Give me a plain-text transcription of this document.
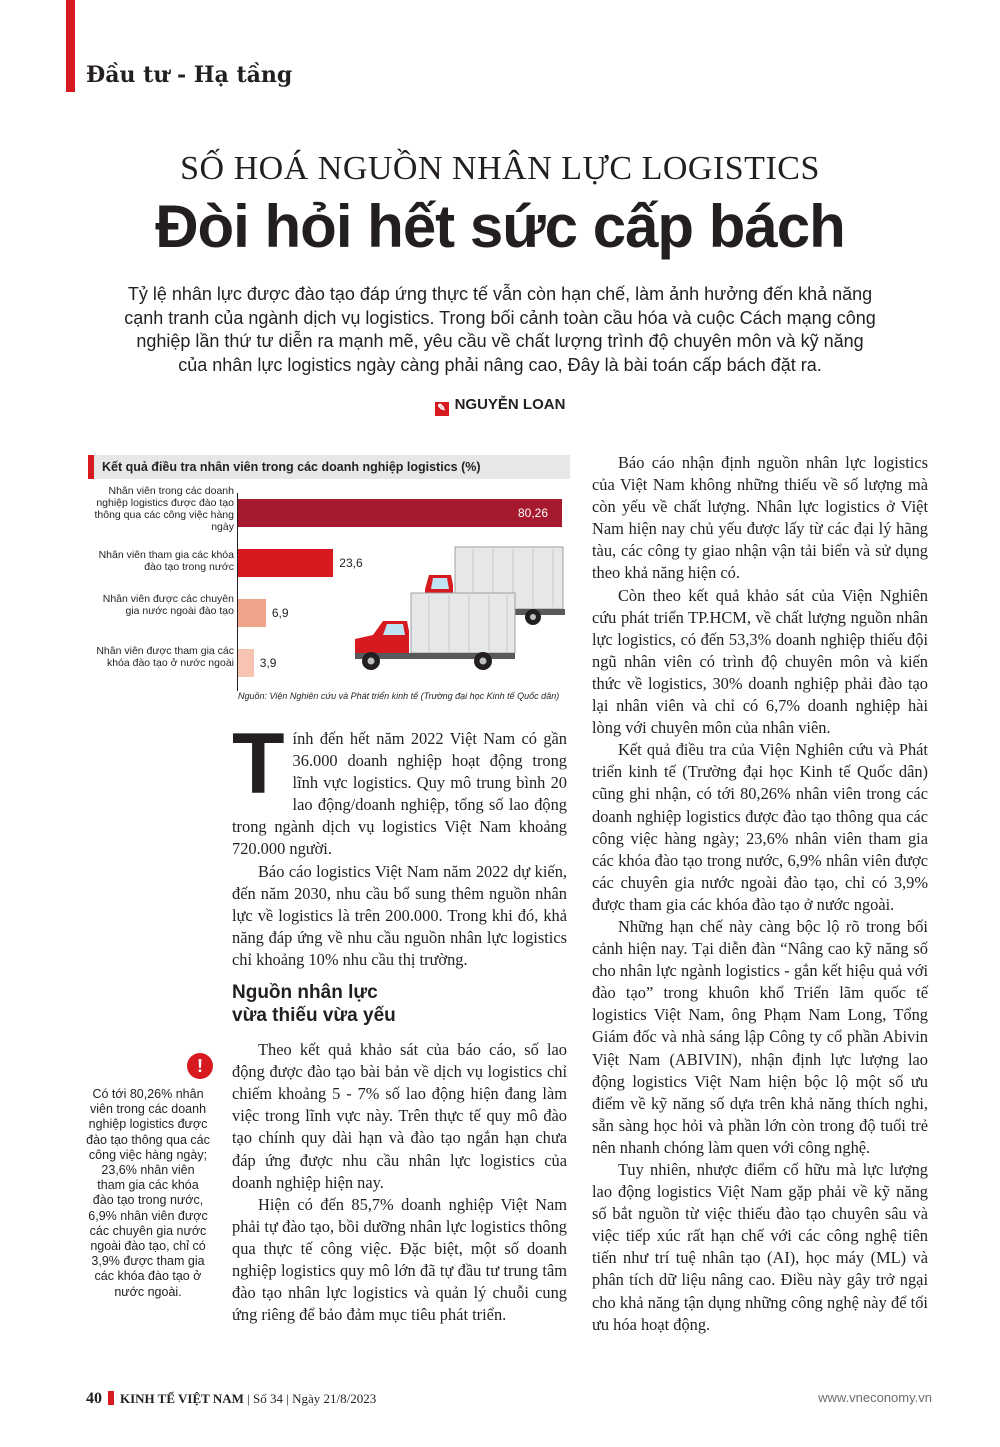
Đầu tư - Hạ tầng
SỐ HOÁ NGUỒN NHÂN LỰC LOGISTICS
Đòi hỏi hết sức cấp bách
Tỷ lệ nhân lực được đào tạo đáp ứng thực tế vẫn còn hạn chế, làm ảnh hưởng đến khả năng cạnh tranh của ngành dịch vụ logistics. Trong bối cảnh toàn cầu hóa và cuộc Cách mạng công nghiệp lần thứ tư diễn ra mạnh mẽ, yêu cầu về chất lượng trình độ chuyên môn và kỹ năng của nhân lực logistics ngày càng phải nâng cao, Đây là bài toán cấp bách đặt ra.
✎ NGUYỄN LOAN
Kết quả điều tra nhân viên trong các doanh nghiệp logistics (%)
Nhân viên trong các doanh nghiệp logistics được đào tạo thông qua các công việc hàng ngày
80,26
Nhân viên tham gia các khóa đào tạo trong nước	23,6
Nhân viên được các chuyên gia nước ngoài đào tạo	6,9
Nhân viên được tham gia các khóa đào tạo ở nước ngoài 3,9
Nguồn: Viện Nghiên cứu và Phát triển kinh tế (Trường đại học Kinh tế Quốc dân)
!
Có tới 80,26% nhân viên trong các doanh nghiệp logistics được đào tạo thông qua các công việc hàng ngày; 23,6% nhân viên tham gia các khóa đào tạo trong nước, 6,9% nhân viên được các chuyên gia nước ngoài đào tạo, chỉ có 3,9% được tham gia các khóa đào tạo ở nước ngoài.

Tính đến hết năm 2022 Việt Nam có gần 36.000 doanh nghiệp hoạt động trong lĩnh vực logistics. Quy mô trung bình 20 lao động/doanh nghiệp, tổng số lao động trong ngành dịch vụ logistics Việt Nam khoảng 720.000 người.

Báo cáo logistics Việt Nam năm 2022 dự kiến, đến năm 2030, nhu cầu bổ sung thêm nguồn nhân lực về logistics là trên 200.000. Trong khi đó, khả năng đáp ứng về nhu cầu nguồn nhân lực logistics chỉ khoảng 10% nhu cầu thị trường.

Nguồn nhân lực
vừa thiếu vừa yếu

Theo kết quả khảo sát của báo cáo, số lao động được đào tạo bài bản về dịch vụ logistics chỉ chiếm khoảng 5 - 7% số lao động hiện đang làm việc trong lĩnh vực này. Trên thực tế quy mô đào tạo chính quy dài hạn và đào tạo ngắn hạn chưa đáp ứng được nhu cầu nhân lực logistics của doanh nghiệp hiện nay.

Hiện có đến 85,7% doanh nghiệp Việt Nam phải tự đào tạo, bồi dưỡng nhân lực logistics thông qua thực tế công việc. Đặc biệt, một số doanh nghiệp logistics quy mô lớn đã tự đầu tư trung tâm đào tạo nhân lực logistics và quản lý chuỗi cung ứng riêng để bảo đảm mục tiêu phát triển.

Báo cáo nhận định nguồn nhân lực logistics của Việt Nam không những thiếu về số lượng mà còn yếu về chất lượng. Nhân lực logistics ở Việt Nam hiện nay chủ yếu được lấy từ các đại lý hãng tàu, các công ty giao nhận vận tải biển và sử dụng theo khả năng hiện có.

Còn theo kết quả khảo sát của Viện Nghiên cứu phát triển TP.HCM, về chất lượng nguồn nhân lực logistics, có đến 53,3% doanh nghiệp thiếu đội ngũ nhân viên có trình độ chuyên môn và kiến thức về logistics, 30% doanh nghiệp phải đào tạo lại nhân viên và chỉ có 6,7% doanh nghiệp hài lòng với chuyên môn của nhân viên.

Kết quả điều tra của Viện Nghiên cứu và Phát triển kinh tế (Trường đại học Kinh tế Quốc dân) cũng ghi nhận, có tới 80,26% nhân viên trong các doanh nghiệp logistics được đào tạo thông qua các công việc hàng ngày; 23,6% nhân viên tham gia các khóa đào tạo trong nước, 6,9% nhân viên được các chuyên gia nước ngoài đào tạo, chỉ có 3,9% được tham gia các khóa đào tạo ở nước ngoài.

Những hạn chế này càng bộc lộ rõ trong bối cảnh hiện nay. Tại diễn đàn “Nâng cao kỹ năng số cho nhân lực ngành logistics - gắn kết hiệu quả với đào tạo” trong khuôn khổ Triển lãm quốc tế logistics Việt Nam, ông Phạm Nam Long, Tổng Giám đốc và nhà sáng lập Công ty cổ phần Abivin Việt Nam (ABIVIN), nhận định lực lượng lao động logistics Việt Nam hiện bộc lộ một số ưu điểm về kỹ năng số dựa trên khả năng thích nghi, sẵn sàng học hỏi và phần lớn còn trong độ tuổi trẻ nên nhanh chóng làm quen với công nghệ.

Tuy nhiên, nhược điểm cố hữu mà lực lượng lao động logistics Việt Nam gặp phải về kỹ năng số bắt nguồn từ việc thiếu đào tạo chuyên sâu và việc tiếp xúc rất hạn chế với các công nghệ tiên tiến như trí tuệ nhân tạo (AI), học máy (ML) và phân tích dữ liệu nâng cao. Điều này gây trở ngại cho khả năng tận dụng những công nghệ này để tối ưu hóa hoạt động.

40 KINH TẾ VIỆT NAM | Số 34 | Ngày 21/8/2023	www.vneconomy.vn
